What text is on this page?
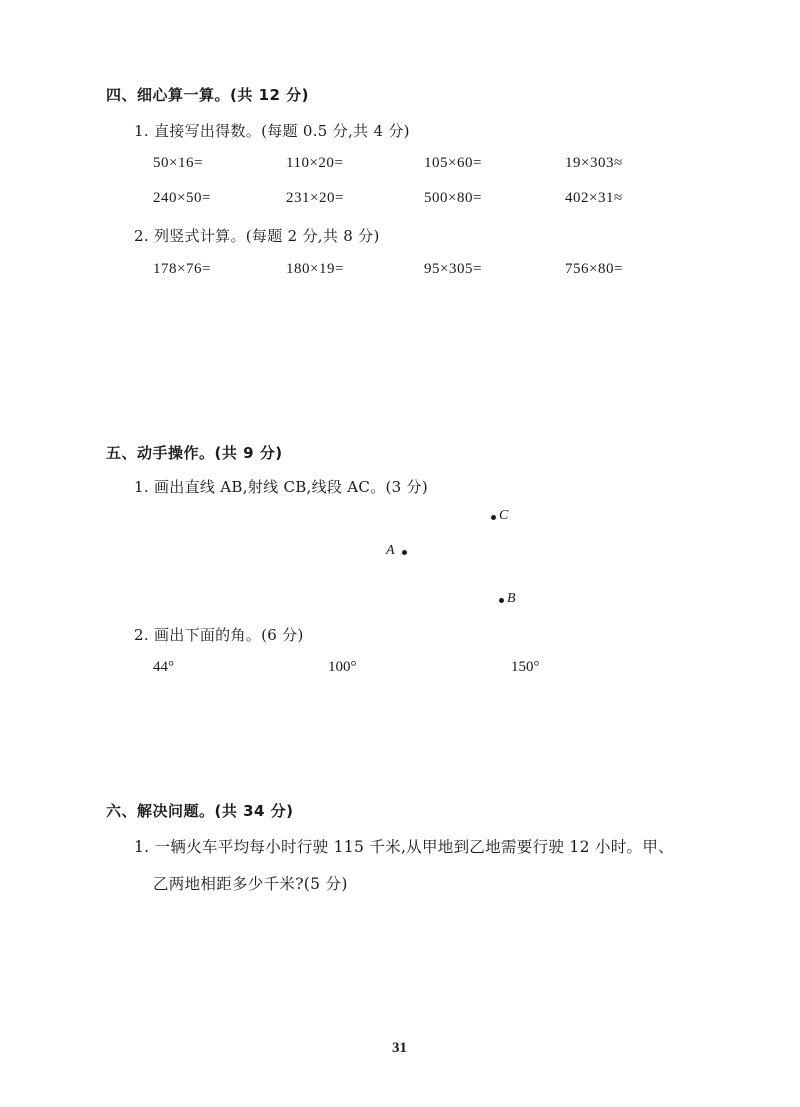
四、细心算一算。(共 12 分)
1. 直接写出得数。(每题 0.5 分,共 4 分)
50×16=	110×20=	105×60=	19×303≈
240×50=	231×20=	500×80=	402×31≈
2. 列竖式计算。(每题 2 分,共 8 分)
178×76=	180×19=	95×305=	756×80=
五、动手操作。(共 9 分)
1. 画出直线 AB,射线 CB,线段 AC。(3 分)
C
A
B
2. 画出下面的角。(6 分)
44°	100°	150°
六、解决问题。(共 34 分)
1. 一辆火车平均每小时行驶 115 千米,从甲地到乙地需要行驶 12 小时。甲、
乙两地相距多少千米?(5 分)
31
